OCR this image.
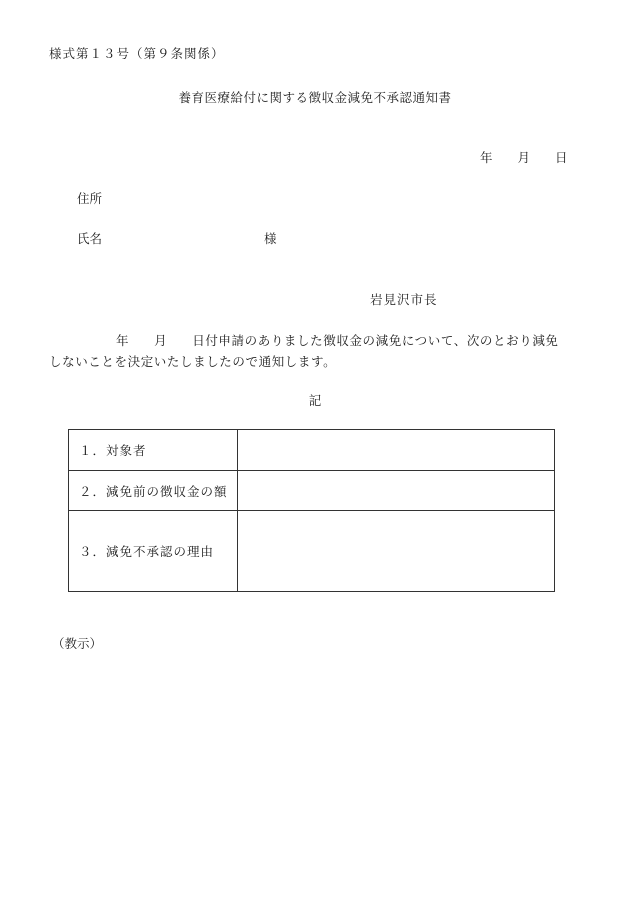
様式第１３号（第９条関係）
養育医療給付に関する徴収金減免不承認通知書
年 月 日
住所
氏名	様
岩見沢市長
年 月 日付申請のありました徴収金の減免について、次のとおり減免
しないことを決定いたしましたので通知します。
記
１．対象者	
２．減免前の徴収金の額	
３．減免不承認の理由	
（教示）
